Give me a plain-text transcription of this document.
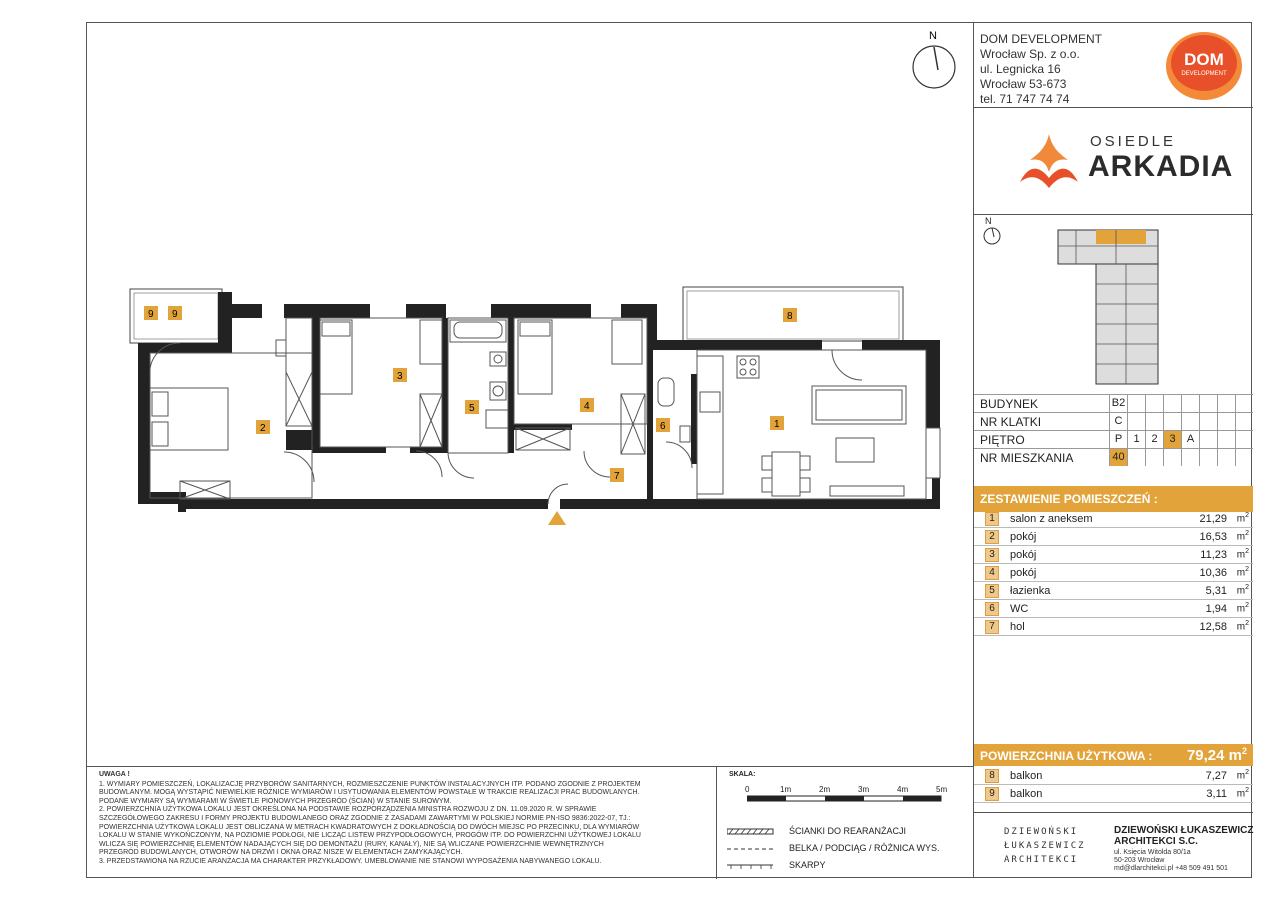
N
1
2
3
4
5
6
7
8
9 9
UWAGA !
1. WYMIARY POMIESZCZEŃ, LOKALIZACJĘ PRZYBORÓW SANITARNYCH, ROZMIESZCZENIE PUNKTÓW INSTALACYJNYCH ITP. PODANO ZGODNIE Z PROJEKTEM
BUDOWLANYM. MOGĄ WYSTĄPIĆ NIEWIELKIE RÓŻNICE WYMIARÓW I USYTUOWANIA ELEMENTÓW POWSTAŁE W TRAKCIE REALIZACJI PRAC BUDOWLANYCH.
PODANE WYMIARY SĄ WYMIARAMI W ŚWIETLE PIONOWYCH PRZEGRÓD (ŚCIAN) W STANIE SUROWYM.
2. POWIERZCHNIA UŻYTKOWA LOKALU JEST OKREŚLONA NA PODSTAWIE ROZPORZĄDZENIA MINISTRA ROZWOJU Z DN. 11.09.2020 R. W SPRAWIE
SZCZEGÓŁOWEGO ZAKRESU I FORMY PROJEKTU BUDOWLANEGO ORAZ ZGODNIE Z ZASADAMI ZAWARTYMI W POLSKIEJ NORMIE PN-ISO 9836:2022-07, TJ.:
POWIERZCHNIA UŻYTKOWA LOKALU JEST OBLICZANA W METRACH KWADRATOWYCH Z DOKŁADNOŚCIĄ DO DWÓCH MIEJSC PO PRZECINKU, DLA WYMIARÓW
LOKALU W STANIE WYKOŃCZONYM, NA POZIOMIE PODŁOGI, NIE LICZĄC LISTEW PRZYPODŁOGOWYCH, PROGÓW ITP. DO POWIERZCHNI UŻYTKOWEJ LOKALU
WLICZA SIĘ POWIERZCHNIĘ ELEMENTÓW NADAJĄCYCH SIĘ DO DEMONTAŻU (RURY, KANAŁY), NIE SĄ WLICZANE POWIERZCHNIE WEWNĘTRZNYCH
PRZEGRÓD BUDOWLANYCH, OTWORÓW NA DRZWI I OKNA ORAZ NISZE W ELEMENTACH ZAMYKAJĄCYCH.
3. PRZEDSTAWIONA NA RZUCIE ARANŻACJA MA CHARAKTER PRZYKŁADOWY. UMEBLOWANIE NIE STANOWI WYPOSAŻENIA NABYWANEGO LOKALU.
SKALA:
0	1m	2m	3m	4m	5m
ŚCIANKI DO REARANŻACJI
BELKA / PODCIĄG / RÓŻNICA WYS.
SKARPY
DOM DEVELOPMENT
Wrocław Sp. z o.o.
ul. Legnicka 16
Wrocław 53-673
tel. 71 747 74 74
DOM
DEVELOPMENT
OSIEDLE
ARKADIA
N
BUDYNEK	B2
NR KLATKI	C
PIĘTRO	P	1	2	3	A
NR MIESZKANIA	40
ZESTAWIENIE POMIESZCZEŃ :
1	salon z aneksem	21,29 $m^2$
2	pokój	16,53 $m^2$
3	pokój	11,23 $m^2$
4	pokój	10,36 $m^2$
5	łazienka	5,31 $m^2$
6	WC	1,94 $m^2$
7	hol	12,58 $m^2$
POWIERZCHNIA UŻYTKOWA : 79,24 $m^2$
8	balkon	7,27 $m^2$
9	balkon	3,11 $m^2$
DZIEWOŃSKI
ŁUKASZEWICZ
ARCHITEKCI
DZIEWOŃSKI ŁUKASZEWICZ
ARCHITEKCI S.C.
ul. Księcia Witolda 80/1a
50-203 Wrocław
md@dlarchitekci.pl +48 509 491 501
